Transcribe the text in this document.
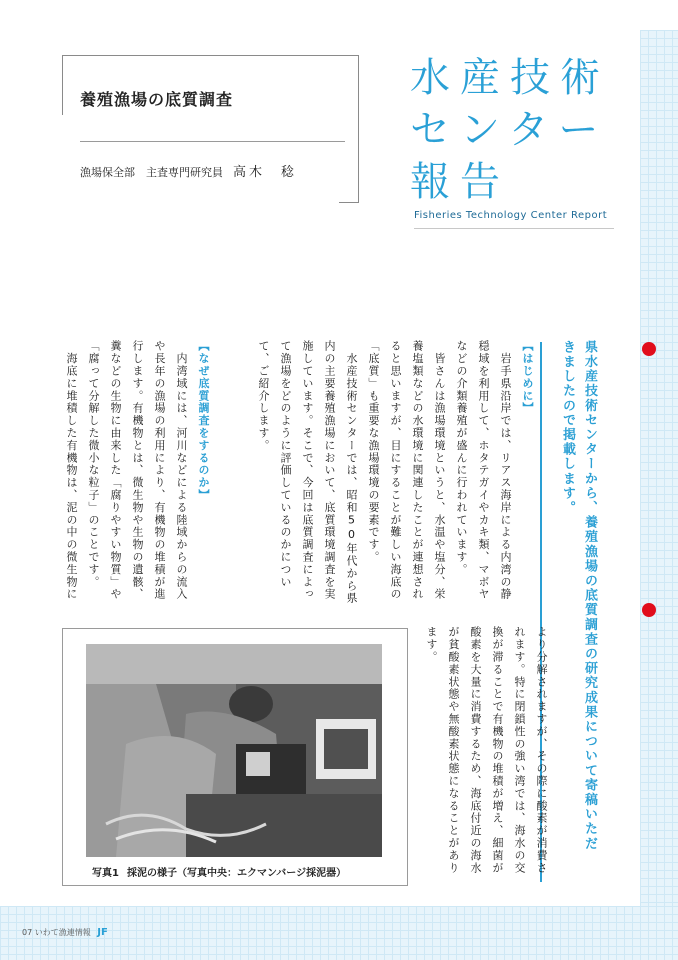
養殖漁場の底質調査
漁場保全部　主査専門研究員 高木　稔
水産技術
センター
報告
Fisheries Technology Center Report
県水産技術センターから、養殖漁場の底質調査の研究成果について寄稿いただきましたので掲載します。

【はじめに】

　岩手県沿岸では、リアス海岸による内湾の静穏域を利用して、ホタテガイやカキ類、マボヤなどの介類養殖が盛んに行われています。

　皆さんは漁場環境というと、水温や塩分、栄養塩類などの水環境に関連したことが連想されると思いますが、目にすることが難しい海底の「底質」も重要な漁場環境の要素です。

　水産技術センターでは、昭和50年代から県内の主要養殖漁場において、底質環境調査を実施しています。そこで、今回は底質調査によって漁場をどのように評価しているのかについて、ご紹介します。

【なぜ底質調査をするのか】

　内湾域には、河川などによる陸域からの流入や長年の漁場の利用により、有機物の堆積が進行します。有機物とは、微生物や生物の遺骸、糞などの生物に由来した「腐りやすい物質」や「腐って分解した微小な粒子」のことです。

　海底に堆積した有機物は、泥の中の微生物に

より分解されますが、その際に酸素が消費されます。特に閉鎖性の強い湾では、海水の交換が滞ることで有機物の堆積が増え、細菌が酸素を大量に消費するため、海底付近の海水が貧酸素状態や無酸素状態になることがあります。

写真1 採泥の様子（写真中央：エクマンバージ採泥器）
07 いわて漁連情報 JF
